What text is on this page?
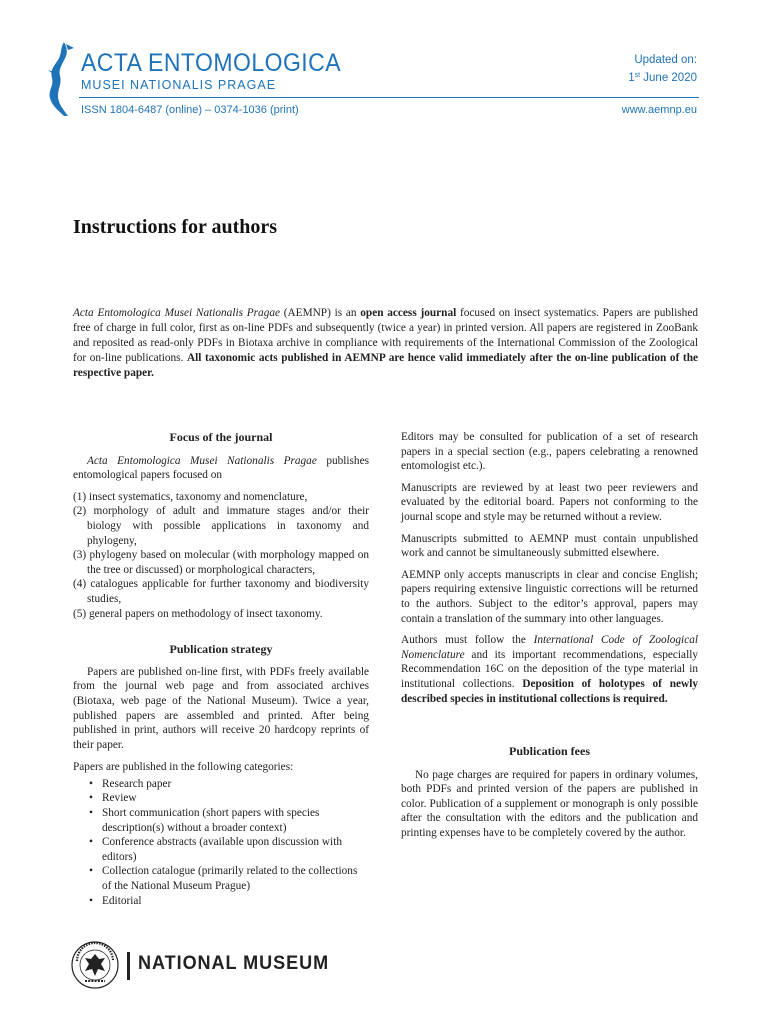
ACTA ENTOMOLOGICA
MUSEI NATIONALIS PRAGAE
ISSN 1804-6487 (online) – 0374-1036 (print)
Updated on:
1st June 2020
www.aemnp.eu
Instructions for authors
Acta Entomologica Musei Nationalis Pragae (AEMNP) is an open access journal focused on insect systematics. Papers are published free of charge in full color, first as on-line PDFs and subsequently (twice a year) in printed version. All papers are registered in ZooBank and reposited as read-only PDFs in Biotaxa archive in compliance with requirements of the International Commission of the Zoological for on-line publications. All taxonomic acts published in AEMNP are hence valid immediately after the on-line publication of the respective paper.
Focus of the journal

Acta Entomologica Musei Nationalis Pragae publishes entomological papers focused on

(1) insect systematics, taxonomy and nomenclature,
(2) morphology of adult and immature stages and/or their biology with possible applications in taxonomy and phylogeny,
(3) phylogeny based on molecular (with morphology mapped on the tree or discussed) or morphological characters,
(4) catalogues applicable for further taxonomy and biodiversity studies,
(5) general papers on methodology of insect taxonomy.
Publication strategy

Papers are published on-line first, with PDFs freely available from the journal web page and from associated archives (Biotaxa, web page of the National Museum). Twice a year, published papers are assembled and printed. After being published in print, authors will receive 20 hardcopy reprints of their paper.

Papers are published in the following categories:

• Research paper
• Review
• Short communication (short papers with species description(s) without a broader context)
• Conference abstracts (available upon discussion with editors)
• Collection catalogue (primarily related to the collections of the National Museum Prague)
• Editorial

Editors may be consulted for publication of a set of research papers in a special section (e.g., papers celebrating a renowned entomologist etc.).

Manuscripts are reviewed by at least two peer reviewers and evaluated by the editorial board. Papers not conforming to the journal scope and style may be returned without a review.

Manuscripts submitted to AEMNP must contain unpublished work and cannot be simultaneously submitted elsewhere.

AEMNP only accepts manuscripts in clear and concise English; papers requiring extensive linguistic corrections will be returned to the authors. Subject to the editor’s approval, papers may contain a translation of the summary into other languages.

Authors must follow the International Code of Zoological Nomenclature and its important recommendations, especially Recommendation 16C on the deposition of the type material in institutional collections. Deposition of holotypes of newly described species in institutional collections is required.

Publication fees

No page charges are required for papers in ordinary volumes, both PDFs and printed version of the papers are published in color. Publication of a supplement or monograph is only possible after the consultation with the editors and the publication and printing expenses have to be completely covered by the author.

NATIONAL MUSEUM
